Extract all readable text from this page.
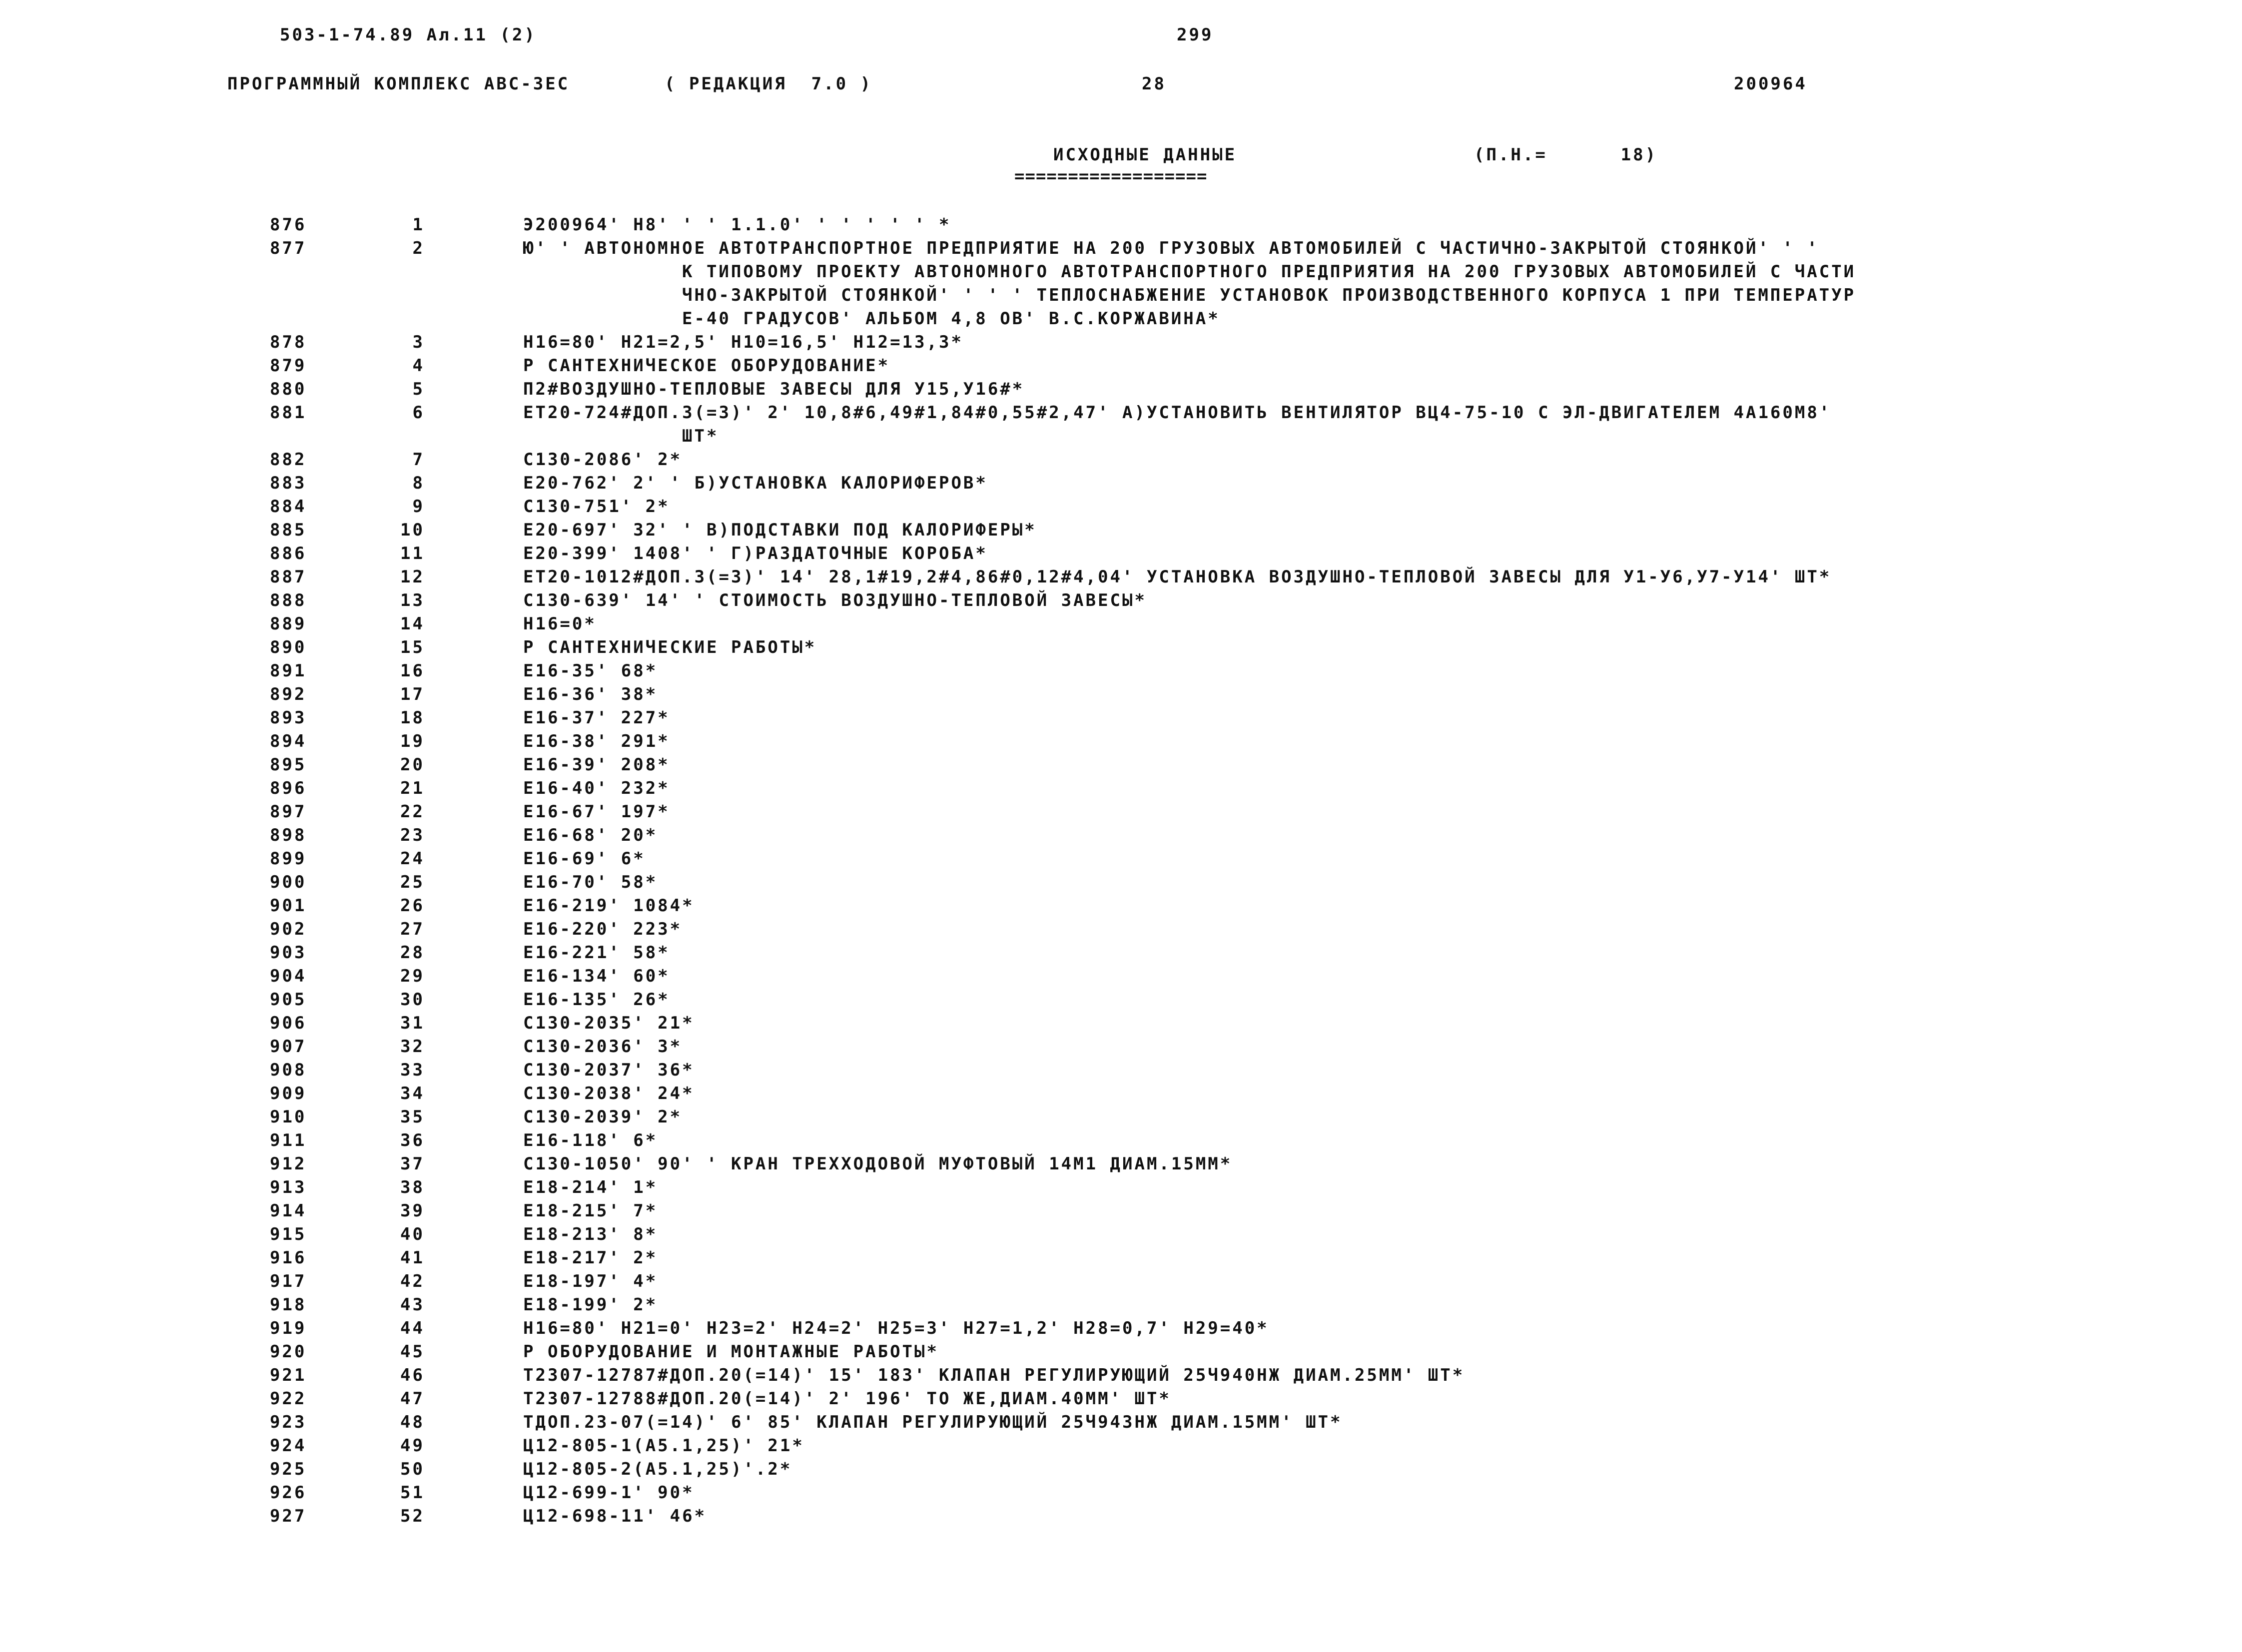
503-1-74.89 Ал.11 (2)	299
ПРОГРАММНЫЙ КОМПЛЕКС АВС-3ЕС	( РЕДАКЦИЯ  7.0 )	28	200964
ИСХОДНЫЕ ДАННЫЕ
==================
(П.Н.=      18)
876	1	Э200964' Н8' ' ' 1.1.0' ' ' ' ' ' *
877	2	Ю' ' АВТОНОМНОЕ АВТОТРАНСПОРТНОЕ ПРЕДПРИЯТИЕ НА 200 ГРУЗОВЫХ АВТОМОБИЛЕЙ С ЧАСТИЧНО-ЗАКРЫТОЙ СТОЯНКОЙ' ' '
К ТИПОВОМУ ПРОЕКТУ АВТОНОМНОГО АВТОТРАНСПОРТНОГО ПРЕДПРИЯТИЯ НА 200 ГРУЗОВЫХ АВТОМОБИЛЕЙ С ЧАСТИ
ЧНО-ЗАКРЫТОЙ СТОЯНКОЙ' ' ' ' ТЕПЛОСНАБЖЕНИЕ УСТАНОВОК ПРОИЗВОДСТВЕННОГО КОРПУСА 1 ПРИ ТЕМПЕРАТУР
Е-40 ГРАДУСОВ' АЛЬБОМ 4,8 ОВ' В.С.КОРЖАВИНА*
878	3	Н16=80' Н21=2,5' Н10=16,5' Н12=13,3*
879	4	Р САНТЕХНИЧЕСКОЕ ОБОРУДОВАНИЕ*
880	5	П2#ВОЗДУШНО-ТЕПЛОВЫЕ ЗАВЕСЫ ДЛЯ У15,У16#*
881	6	ЕТ20-724#ДОП.3(=3)' 2' 10,8#6,49#1,84#0,55#2,47' А)УСТАНОВИТЬ ВЕНТИЛЯТОР ВЦ4-75-10 С ЭЛ-ДВИГАТЕЛЕМ 4А160М8'
ШТ*
882	7	С130-2086' 2*
883	8	Е20-762' 2' ' Б)УСТАНОВКА КАЛОРИФЕРОВ*
884	9	С130-751' 2*
885	10	Е20-697' 32' ' В)ПОДСТАВКИ ПОД КАЛОРИФЕРЫ*
886	11	Е20-399' 1408' ' Г)РАЗДАТОЧНЫЕ КОРОБА*
887	12	ЕТ20-1012#ДОП.3(=3)' 14' 28,1#19,2#4,86#0,12#4,04' УСТАНОВКА ВОЗДУШНО-ТЕПЛОВОЙ ЗАВЕСЫ ДЛЯ У1-У6,У7-У14' ШТ*
888	13	С130-639' 14' ' СТОИМОСТЬ ВОЗДУШНО-ТЕПЛОВОЙ ЗАВЕСЫ*
889	14	Н16=0*
890	15	Р САНТЕХНИЧЕСКИЕ РАБОТЫ*
891	16	Е16-35' 68*
892	17	Е16-36' 38*
893	18	Е16-37' 227*
894	19	Е16-38' 291*
895	20	Е16-39' 208*
896	21	Е16-40' 232*
897	22	Е16-67' 197*
898	23	Е16-68' 20*
899	24	Е16-69' 6*
900	25	Е16-70' 58*
901	26	Е16-219' 1084*
902	27	Е16-220' 223*
903	28	Е16-221' 58*
904	29	Е16-134' 60*
905	30	Е16-135' 26*
906	31	С130-2035' 21*
907	32	С130-2036' 3*
908	33	С130-2037' 36*
909	34	С130-2038' 24*
910	35	С130-2039' 2*
911	36	Е16-118' 6*
912	37	С130-1050' 90' ' КРАН ТРЕХХОДОВОЙ МУФТОВЫЙ 14М1 ДИАМ.15ММ*
913	38	Е18-214' 1*
914	39	Е18-215' 7*
915	40	Е18-213' 8*
916	41	Е18-217' 2*
917	42	Е18-197' 4*
918	43	Е18-199' 2*
919	44	Н16=80' Н21=0' Н23=2' Н24=2' Н25=3' Н27=1,2' Н28=0,7' Н29=40*
920	45	Р ОБОРУДОВАНИЕ И МОНТАЖНЫЕ РАБОТЫ*
921	46	Т2307-12787#ДОП.20(=14)' 15' 183' КЛАПАН РЕГУЛИРУЮЩИЙ 25Ч940НЖ ДИАМ.25ММ' ШТ*
922	47	Т2307-12788#ДОП.20(=14)' 2' 196' ТО ЖЕ,ДИАМ.40ММ' ШТ*
923	48	ТДОП.23-07(=14)' 6' 85' КЛАПАН РЕГУЛИРУЮЩИЙ 25Ч943НЖ ДИАМ.15ММ' ШТ*
924	49	Ц12-805-1(А5.1,25)' 21*
925	50	Ц12-805-2(А5.1,25)'.2*
926	51	Ц12-699-1' 90*
927	52	Ц12-698-11' 46*
